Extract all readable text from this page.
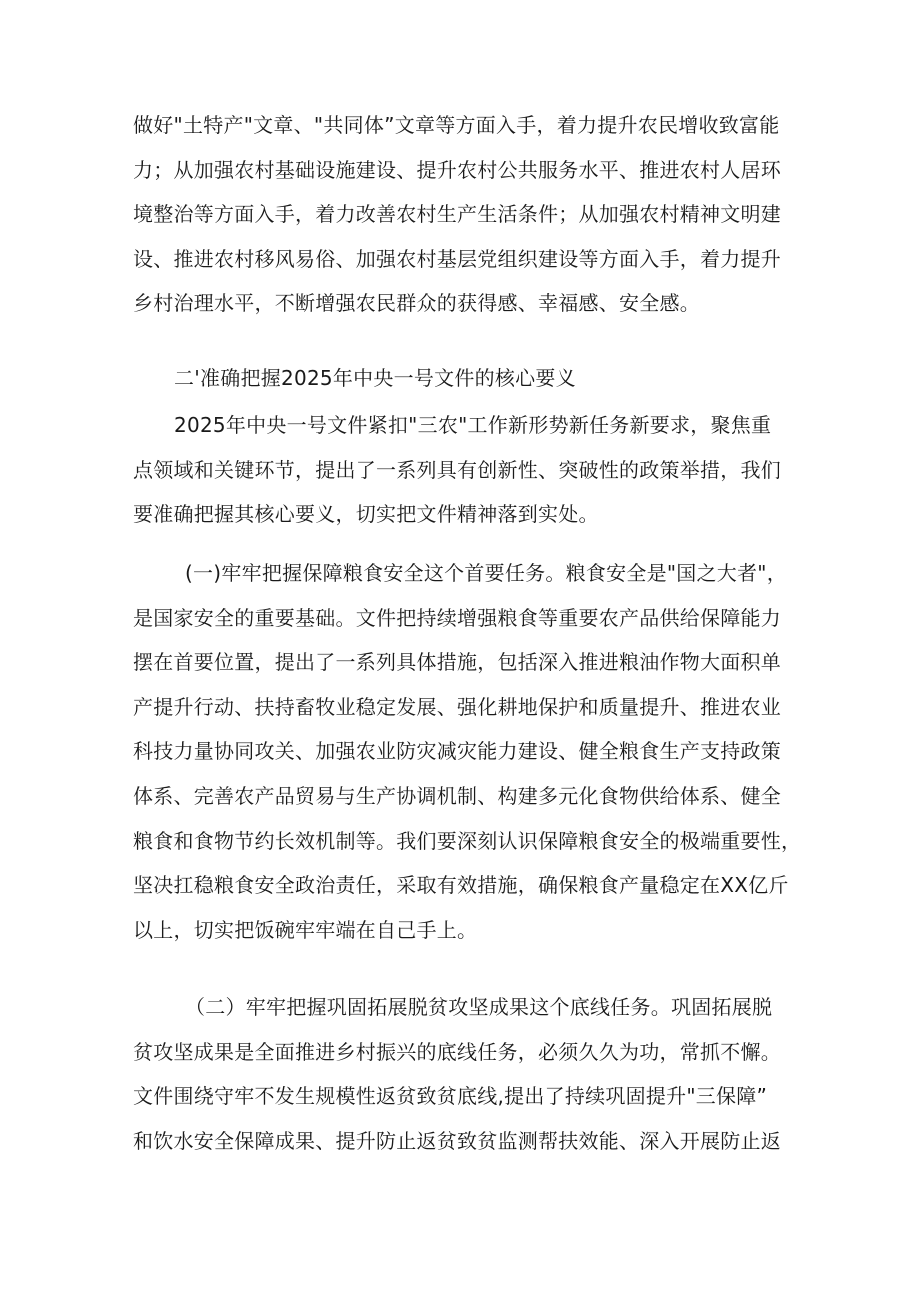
做好"土特产"文章、"共同体”文章等方面入手，着力提升农民增收致富能
力；从加强农村基础设施建设、提升农村公共服务水平、推进农村人居环
境整治等方面入手，着力改善农村生产生活条件；从加强农村精神文明建
设、推进农村移风易俗、加强农村基层党组织建设等方面入手，着力提升
乡村治理水平，不断增强农民群众的获得感、幸福感、安全感。
二'准确把握2025年中央一号文件的核心要义
2025年中央一号文件紧扣"三农"工作新形势新任务新要求，聚焦重
点领域和关键环节，提出了一系列具有创新性、突破性的政策举措，我们
要准确把握其核心要义，切实把文件精神落到实处。
(一)牢牢把握保障粮食安全这个首要任务。粮食安全是"国之大者"，
是国家安全的重要基础。文件把持续增强粮食等重要农产品供给保障能力
摆在首要位置，提出了一系列具体措施，包括深入推进粮油作物大面积单
产提升行动、扶持畜牧业稳定发展、强化耕地保护和质量提升、推进农业
科技力量协同攻关、加强农业防灾减灾能力建设、健全粮食生产支持政策
体系、完善农产品贸易与生产协调机制、构建多元化食物供给体系、健全
粮食和食物节约长效机制等。我们要深刻认识保障粮食安全的极端重要性，
坚决扛稳粮食安全政治责任，采取有效措施，确保粮食产量稳定在XX亿斤
以上，切实把饭碗牢牢端在自己手上。
（二）牢牢把握巩固拓展脱贫攻坚成果这个底线任务。巩固拓展脱
贫攻坚成果是全面推进乡村振兴的底线任务，必须久久为功，常抓不懈。
文件围绕守牢不发生规模性返贫致贫底线,提出了持续巩固提升"三保障”
和饮水安全保障成果、提升防止返贫致贫监测帮扶效能、深入开展防止返
